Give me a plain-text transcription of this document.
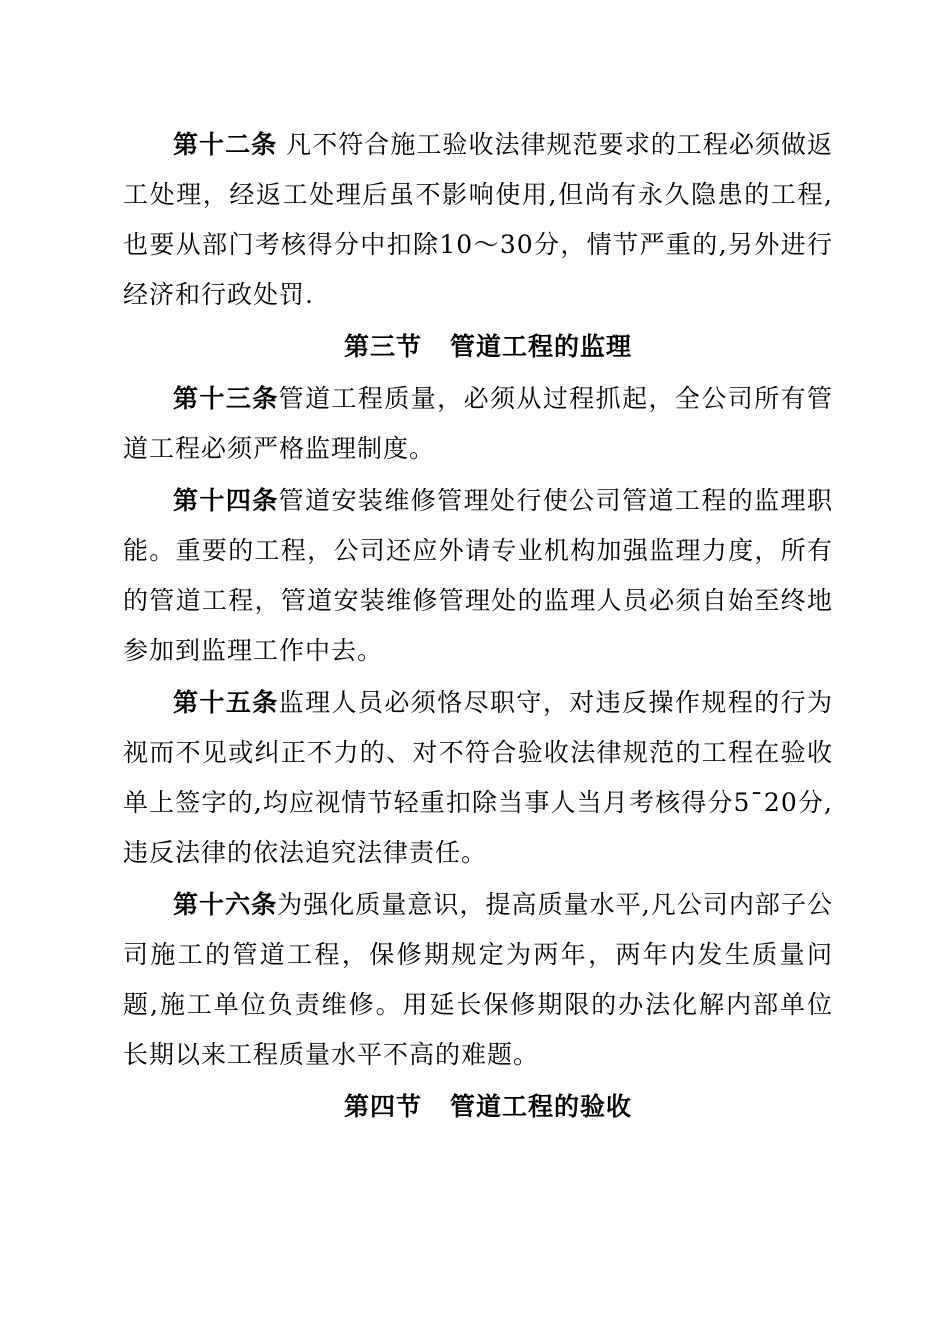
第十二条 凡不符合施工验收法律规范要求的工程必须做返工处理，经返工处理后虽不影响使用,但尚有永久隐患的工程,也要从部门考核得分中扣除10～30分，情节严重的,另外进行经济和行政处罚.

第三节 管道工程的监理

第十三条管道工程质量，必须从过程抓起，全公司所有管道工程必须严格监理制度。

第十四条管道安装维修管理处行使公司管道工程的监理职能。重要的工程，公司还应外请专业机构加强监理力度，所有的管道工程，管道安装维修管理处的监理人员必须自始至终地参加到监理工作中去。

第十五条监理人员必须恪尽职守，对违反操作规程的行为视而不见或纠正不力的、对不符合验收法律规范的工程在验收单上签字的,均应视情节轻重扣除当事人当月考核得分5¯20分,违反法律的依法追究法律责任。

第十六条为强化质量意识，提高质量水平,凡公司内部子公司施工的管道工程，保修期规定为两年，两年内发生质量问题,施工单位负责维修。用延长保修期限的办法化解内部单位长期以来工程质量水平不高的难题。

第四节 管道工程的验收
